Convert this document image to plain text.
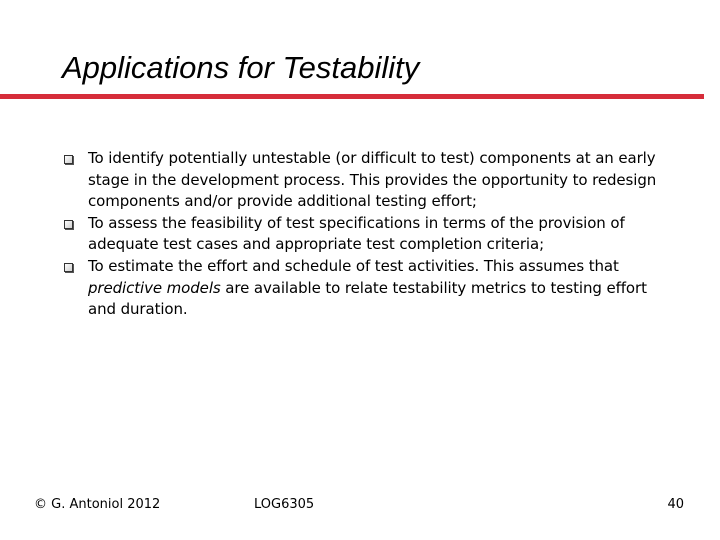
Applications for Testability
To identify potentially untestable (or difficult to test) components at an early stage in the development process. This provides the opportunity to redesign components and/or provide additional testing effort;
To assess the feasibility of test specifications in terms of the provision of adequate test cases and appropriate test completion criteria;
To estimate the effort and schedule of test activities. This assumes that predictive models are available to relate testability metrics to testing effort and duration.
© G. Antoniol 2012	LOG6305	40
